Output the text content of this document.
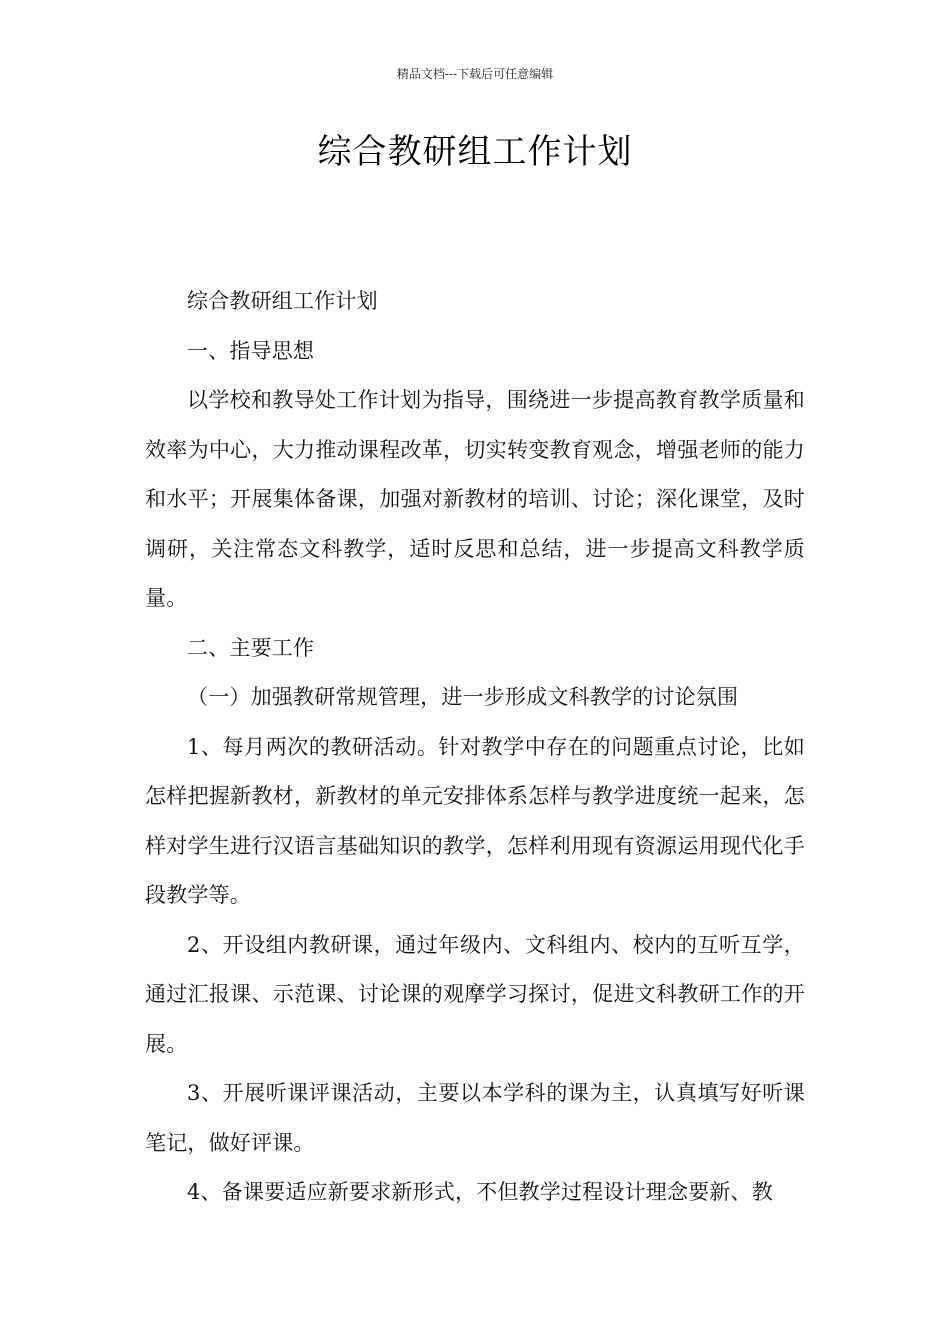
精品文档---下载后可任意编辑
综合教研组工作计划

综合教研组工作计划

一、指导思想

以学校和教导处工作计划为指导，围绕进一步提高教育教学质量和效率为中心，大力推动课程改革，切实转变教育观念，增强老师的能力和水平；开展集体备课，加强对新教材的培训、讨论；深化课堂，及时调研，关注常态文科教学，适时反思和总结，进一步提高文科教学质量。

二、主要工作

（一）加强教研常规管理，进一步形成文科教学的讨论氛围

1、每月两次的教研活动。针对教学中存在的问题重点讨论，比如怎样把握新教材，新教材的单元安排体系怎样与教学进度统一起来，怎样对学生进行汉语言基础知识的教学，怎样利用现有资源运用现代化手段教学等。

2、开设组内教研课，通过年级内、文科组内、校内的互听互学，通过汇报课、示范课、讨论课的观摩学习探讨，促进文科教研工作的开展。

3、开展听课评课活动，主要以本学科的课为主，认真填写好听课笔记，做好评课。

4、备课要适应新要求新形式，不但教学过程设计理念要新、教
